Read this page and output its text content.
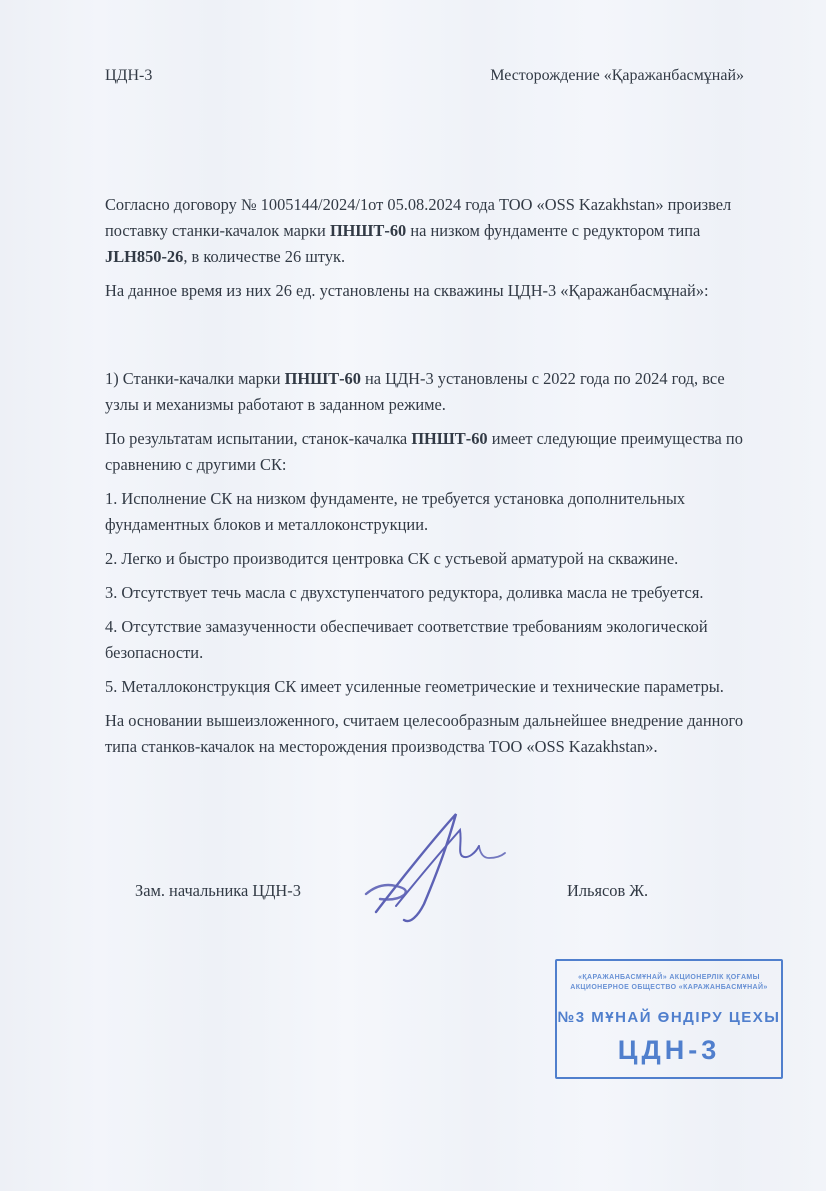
ЦДН-3	Месторождение «Қаражанбасмұнай»

Согласно договору № 1005144/2024/1от 05.08.2024 года ТОО «OSS Kazakhstan» произвел поставку станки-качалок марки ПНШТ-60 на низком фундаменте с редуктором типа JLH850-26, в количестве 26 штук.

На данное время из них 26 ед. установлены на скважины ЦДН-3 «Қаражанбасмұнай»:

1) Станки-качалки марки ПНШТ-60 на ЦДН-3 установлены с 2022 года по 2024 год, все узлы и механизмы работают в заданном режиме.

По результатам испытании, станок-качалка ПНШТ-60 имеет следующие преимущества по сравнению с другими СК:

1. Исполнение СК на низком фундаменте, не требуется установка дополнительных фундаментных блоков и металлоконструкции.

2. Легко и быстро производится центровка СК с устьевой арматурой на скважине.

3. Отсутствует течь масла с двухступенчатого редуктора, доливка масла не требуется.

4. Отсутствие замазученности обеспечивает соответствие требованиям экологической безопасности.

5. Металлоконструкция СК имеет усиленные геометрические и технические параметры.

На основании вышеизложенного, считаем целесообразным дальнейшее внедрение данного типа станков-качалок на месторождения производства ТОО «OSS Kazakhstan».

Зам. начальника ЦДН-3	Ильясов Ж.
«ҚАРАЖАНБАСМҰНАЙ» АКЦИОНЕРЛІК ҚОҒАМЫ
АКЦИОНЕРНОЕ ОБЩЕСТВО «КАРАЖАНБАСМҰНАЙ»
№3 МҰНАЙ ӨНДІРУ ЦЕХЫ
ЦДН-3
